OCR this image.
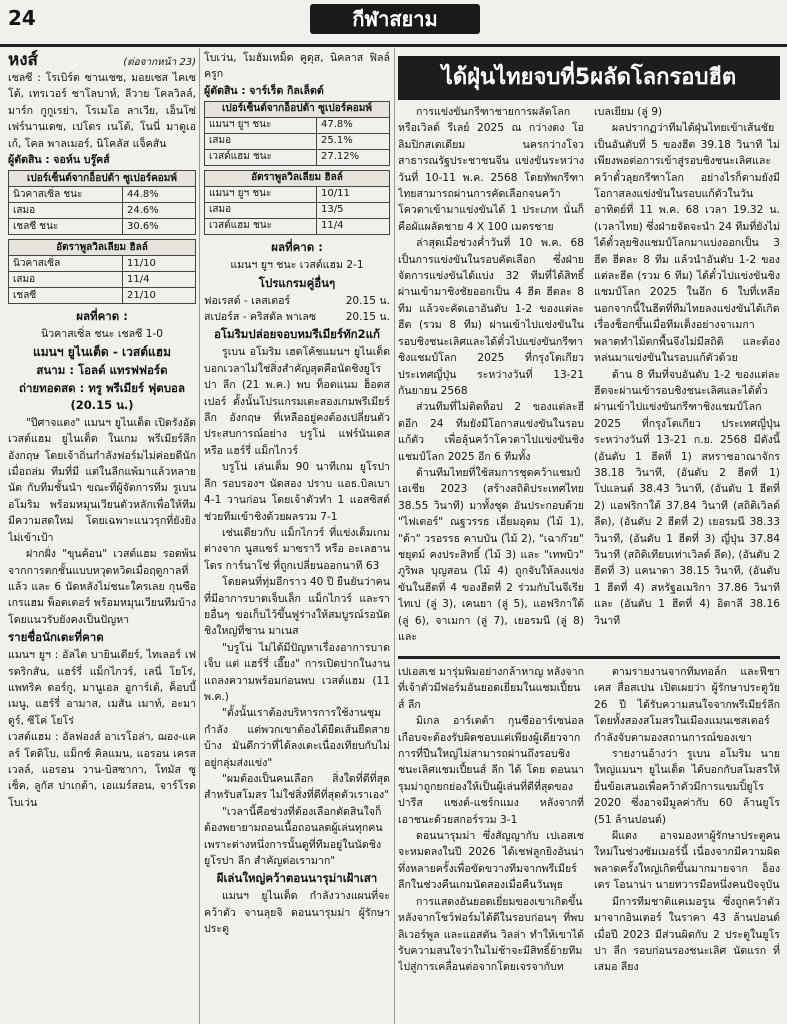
24	กีฬาสยาม
หงส์	(ต่อจากหน้า 23)

เชลซี : โรเบิร์ต ซานเชซ, มอยเซส ไคเซโด้, เทรเวอร์ ชาโลบาห์, ลีวาย โคลวิลล์, มาร์ก กูกูเรย่า, โรเมโอ ลาเวีย, เอ็นโซ่ เฟร์นานเดซ, เปโดร เนโต้, โนนี่ มาดูเอเก้, โคล พาลเมอร์, นิโคลัส แจ็คสัน

ผู้ตัดสิน : จอห์น บรู๊คส์

เปอร์เซ็นต์จากอ็อปต้า ซูเปอร์คอมพ์	
นิวคาสเซิ่ล ชนะ	44.8%
เสมอ	24.6%
เชลซี ชนะ	30.6%
อัตราพูลวิลเลียม ฮิลล์	
นิวคาสเซิ่ล	11/10
เสมอ	11/4
เชลซี	21/10
ผลที่คาด :

นิวคาสเซิ่ล ชนะ เชลซี 1-0

แมนฯ ยูไนเต็ด - เวสต์แฮม
สนาม : โอลด์ แทรฟฟอร์ด
ถ่ายทอดสด : ทรู พรีเมียร์ ฟุตบอล (20.15 น.)

"ปีศาจแดง" แมนฯ ยูไนเต็ด เปิดรังอัด เวสต์แฮม ยูไนเต็ด ในเกม พรีเมียร์ลีก อังกฤษ โดยเจ้าถิ่นกำลังฟอร์มไม่ค่อยดีนัก เมื่อถล่ม ทีมที่มี แต่ในลีกแพ้มาแล้วหลายนัด กับทีมชั้นนำ ขณะที่ผู้จัดการทีม รูเบน อโมริม พร้อมหมุนเวียนตัวหลักเพื่อให้ทีมมีความสดใหม่ โดยเฉพาะแนวรุกที่ยังยิงไม่เข้าเป้า

ฝากฝั่ง "ขุนค้อน" เวสต์แฮม รอดพ้นจากการตกชั้นแบบหวุดหวิดเมื่อฤดูกาลที่แล้ว และ 6 นัดหลังไม่ชนะใครเลย กุนซือ เกรแฮม พ็อตเตอร์ พร้อมหมุนเวียนทีมบ้าง โดยแนวรับยังคงเป็นปัญหา

รายชื่อนักเตะที่คาด

แมนฯ ยูฯ : อัลไต บายินเดียร์, ไทเลอร์ เฟรดริกสัน, แฮร์รี่ แม็กไกวร์, เลนี่ โยโร่, แพทริค ดอร์กู, มานูเอล อูการ์เต้, ค็อบบี้ เมนู, แฮร์รี่ อามาส, เมสัน เมาท์, อะมาดูร์, ซีโค่ โยโร่

เวสต์แฮม : อัลฟองส์ อาเรโอล่า, ฌอง-แคลร์ โตดิโบ, แม็กซ์ คิลแมน, แอรอน เครสเวลล์, แอรอน วาน-บิสซากา, โทมัส ซูเช็ค, ลูกัส ปาเกต้า, เอแมร์สอน, จาร์โรด โบเว่น

โบเว่น, โมฮัมเหม็ด คูดุส, นิคลาส ฟิลล์ครูก

ผู้ตัดสิน : จาร์เร็ด กิลเล็ตต์

เปอร์เซ็นต์จากอ็อปต้า ซูเปอร์คอมพ์	
แมนฯ ยูฯ ชนะ	47.8%
เสมอ	25.1%
เวสต์แฮม ชนะ	27.12%
อัตราพูลวิลเลียม ฮิลล์	
แมนฯ ยูฯ ชนะ	10/11
เสมอ	13/5
เวสต์แฮม ชนะ	11/4
ผลที่คาด :

แมนฯ ยูฯ ชนะ เวสต์แฮม 2-1

โปรแกรมคู่อื่นๆ
ฟอเรสต์ - เลสเตอร์	20.15 น.
สเปอร์ส - คริสตัล พาเลซ	20.15 น.
อโมริมปล่อยจอบหมรีเมียร์ทัก2แก้

รูเบน อโมริม เฮดโค้ชแมนฯ ยูไนเต็ด บอกเวลาไม่ใช่สิ่งสำคัญสุดคือนัดชิงยูโรปา ลีก (21 พ.ค.) พบ ท็อตแนม ฮ็อตสเปอร์ ตั้งนั้นโปรแกรมเตะสองเกมพรีเมียร์ลีก อังกฤษ ที่เหลืออยู่คงต้องเปลี่ยนตัวประสบการณ์อย่าง บรูโน่ แฟร์นันเดส หรือ แฮร์รี่ แม็กไกวร์

บรูโน่ เล่นเต็ม 90 นาทีเกม ยูโรปา ลีก รอบรองฯ นัดสอง ปราบ แอธ.บิลเบา 4-1 วานก่อน โดยเจ้าตัวทำ 1 แอสซิสต์ ช่วยทีมเข้าชิงด้วยผลรวม 7-1

เช่นเดียวกับ แม็กไกวร์ ที่แข่งเต็มเกม ต่างจาก นูสแซร์ มาซราวี หรือ อะเลฮานโดร การ์นาโช่ ที่ถูกเปลี่ยนออกนาที 63

โดยคนที่ทุ่มอีกราว 40 ปี ยืนยันว่าคนที่มีอาการบาดเจ็บเล็ก แม็กไกวร์ และรายอื่นๆ ขอเก็บไว้ขึ้นฟูร่างให้สมบูรณ์รอนัดชิงใหญ่ที่ชาน มาเนส

"บรูโน่ ไม่ได้มีปัญหาเรื่องอาการบาดเจ็บ แต่ แฮร์รี่ เอี๊ยง" การเปิดปากในงานแถลงความพร้อมก่อนพบ เวสต์แฮม (11 พ.ค.)

"ตั้งนั้นเราต้องบริหารการใช้งานชุมกำลัง แต่พวกเขาต้องได้ยืดเส้นยืดสายบ้าง มันดีกว่าที่ได้ลงเตะเนื่องเทียบกับไม่อยู่กลุ่มส่งแข่ง"

"ผมต้องเป็นคนเลือก สิ่งใดที่ดีที่สุดสำหรับสโมสร ไม่ใช่สิ่งที่ดีที่สุดตัวเราเอง"

"เวลานี้คือช่วงที่ต้องเลือกตัดสินใจก็ต้องพยายามถอนเนื้อถอนลดผู้เล่นทุกคนเพราะต่างหนึ่งการนั้นดูที่ทีมอยู่ในนัดชิงยูโรปา ลีก สำคัญต่อเรามาก"

ผีเล่นใหญ่คว้าตอนนารุม่าเฝ้าเสา

แมนฯ ยูไนเต็ด กำลังวางแผนที่จะคว้าตัว จานลุยจิ ดอนนารุมม่า ผู้รักษาประตู

ได้ฝุ่นไทยจบที่5ผลัดโลกรอบฮีต

การแข่งขันกรีฑาชายการผลัดโลกหรือเวิลด์ รีเลย์ 2025 ณ กว่างดง โอลิมปิกสเตเดียม นครกว่างโจว สาธารณรัฐประชาชนจีน แข่งขันระหว่างวันที่ 10-11 พ.ค. 2568 โดยทัพกรีฑาไทยสามารถผ่านการคัดเลือกจนคว้าโควตาเข้ามาแข่งขันได้ 1 ประเภท นั่นก็คือผัแผลัดชาย 4 X 100 เมตรชาย

ล่าสุดเมื่อช่วงค่ำวันที่ 10 พ.ค. 68 เป็นการแข่งขันในรอบคัดเลือก ซึ่งฝ่ายจัดการแข่งขันได้แบ่ง 32 ทีมที่ได้สิทธิ์ผ่านเข้ามาชิงชัยออกเป็น 4 ฮีต ฮีตละ 8 ทีม แล้วจะคัดเอาอันดับ 1-2 ของแต่ละฮีต (รวม 8 ทีม) ผ่านเข้าไปแข่งขันในรอบชิงชนะเลิศและได้ตั๋วไปแข่งขันกรีฑาชิงแชมป์โลก 2025 ที่กรุงโตเกียว ประเทศญี่ปุ่น ระหว่างวันที่ 13-21 กันยายน 2568

ส่วนทีมที่ไม่ติดท็อป 2 ของแต่ละฮีตอีก 24 ทีมยังมีโอกาสแข่งขันในรอบแก้ตัว เพื่อลุ้นคว้าโควตาไปแข่งขันชิงแชมป์โลก 2025 อีก 6 ทีมทั้ง

ด้านทีมไทยที่ใช้สมการชุดคว้าแชมป์เอเชีย 2023 (สร้างสถิติประเทศไทย 38.55 วินาที) มาทั้งชุด อันประกอบด้วย "ไฟเตอร์" ณฐวรรธ เอี่ยมอุดม (ไม้ 1), "ต้า" วรอรรธ คาบบัน (ไม้ 2), "เฉาก๊วย" ชยุตม์ คงประสิทธิ์ (ไม้ 3) และ "เทพบิว" ภูริพล บุญสอน (ไม้ 4) ถูกจับให้ลงแข่งขันในฮีตที่ 4 ของฮีตที่ 2 ร่วมกับไนจีเรีย ไทเป (ลู่ 3), เคนยา (ลู่ 5), แอฟริกาใต้ (ลู่ 6), จาเมกา (ลู่ 7), เยอรมนี (ลู่ 8) และ

เบลเยียม (ลู่ 9)

ผลปรากฏว่าทีมได้ฝุ่นไทยเข้าเส้นชัยเป็นอันดับที่ 5 ของฮีต 39.18 วินาที ไม่เพียงพอต่อการเข้าสู่รอบชิงชนะเลิศและคว้าตั๋วลุยกรีฑาโลก อย่างไรก็ตามยังมีโอกาสลงแข่งขันในรอบแก้ตัวในวันอาทิตย์ที่ 11 พ.ค. 68 เวลา 19.32 น. (เวลาไทย) ซึ่งฝ่ายจัดจะนำ 24 ทีมที่ยังไม่ได้ตั๋วลุยชิงแชมป์โลกมาแบ่งออกเป็น 3 ฮีต ฮีตละ 8 ทีม แล้วนำอันดับ 1-2 ของแต่ละฮีต (รวม 6 ทีม) ได้ตั๋วไปแข่งขันชิงแชมป์โลก 2025 ในอีก 6 ใบที่เหลือ นอกจากนี้ในฮีตที่ทีมไทยลงแข่งขันได้เกิดเรื่องช็อกขึ้นเมื่อทีมเต็งอย่างจาเมกาพลาดทำไม้ตกพื้นจึงไม่มีสถิติ และต้องหล่นมาแข่งขันในรอบแก้ตัวด้วย

ด้าน 8 ทีมที่จบอันดับ 1-2 ของแต่ละฮีตจะผ่านเข้ารอบชิงชนะเลิศและได้ตั๋วผ่านเข้าไปแข่งขันกรีฑาชิงแชมป์โลก 2025 ที่กรุงโตเกียว ประเทศญี่ปุ่น ระหว่างวันที่ 13-21 ก.ย. 2568 มีดังนี้ (อันดับ 1 ฮีตที่ 1) สหราชอาณาจักร 38.18 วินาที, (อันดับ 2 ฮีตที่ 1) โปแลนด์ 38.43 วินาที, (อันดับ 1 ฮีตที่ 2) แอฟริกาใต้ 37.84 วินาที (สถิติเวิลด์ ลีด), (อันดับ 2 ฮีตที่ 2) เยอรมนี 38.33 วินาที, (อันดับ 1 ฮีตที่ 3) ญี่ปุ่น 37.84 วินาที (สถิติเทียบเท่าเวิลด์ ลีด), (อันดับ 2 ฮีตที่ 3) แคนาดา 38.15 วินาที, (อันดับ 1 ฮีตที่ 4) สหรัฐอเมริกา 37.86 วินาที และ (อันดับ 1 ฮีตที่ 4) อิตาลี 38.16 วินาที

เปเอสเช มารุ่มพิมอย่างกล้าหาญ หลังจากที่เจ้าตัวมีฟอร์มอันยอดเยี่ยมในแชมเปี้ยนส์ ลีก

มิเกล อาร์เตต้า กุนซืออาร์เซน่อลเกือบจะต้องรับผิดชอบแต่เพียงผู้เดียวจากการที่ปืนใหญ่ไม่สามารถผ่านถึงรอบชิงชนะเลิศแชมเปี้ยนส์ ลีก ได้ โดย ดอนนารุมม่าถูกยกย่องให้เป็นผู้เล่นที่ดีที่สุดของปารีส แซงต์-แชร์กแมง หลังจากที่เอาชนะด้วยสกอร์รวม 3-1

ดอนนารุมม่า ซึ่งสัญญากับ เปเอสเช จะหมดลงในปี 2026 ได้เชฟลูกยิงอันน่าทึ่งหลายครั้งเพื่อขัดขวางทีมจากพรีเมียร์ลีกในช่วงคืนเกมนัดสองเมื่อคืนวันพุธ

การแสดงอันยอดเยี่ยมของเขาเกิดขึ้นหลังจากโชว์ฟอร์มได้ดีในรอบก่อนๆ ที่พบลิเวอร์พูล และแอสตัน วิลล่า ทำให้เขาได้รับความสนใจว่าในไม่ช้าจะมีสิทธิ์ย้ายทีมไปสู่การเคลื่อนต่อจากโดยเจรจากับท

ตามรายงานจากทีมทอล์ก และฟีชาเคส สื่อสเปน เปิดเผยว่า ผู้รักษาประตูวัย 26 ปี ได้รับความสนใจจากพรีเมียร์ลีก โดยทั้งสองสโมสรในเมืองแมนเชสเตอร์กำลังจับตามองสถานการณ์ของเขา

รายงานอ้างว่า รูเบน อโมริม นายใหญ่แมนฯ ยูไนเต็ด ได้บอกกับสโมสรให้ยื่นข้อเสนอเพื่อคว้าตัวมีการแขมปิ้ยูโร 2020 ซึ่งอาจมีมูลค่ากับ 60 ล้านยูโร (51 ล้านปอนด์)

ผีแดง อาจมองหาผู้รักษาประตูคนใหม่ในช่วงซัมเมอร์นี้ เนื่องจากมีความผิดพลาดครั้งใหญ่เกิดขึ้นมากมายจาก อ็องเดร โอนาน่า นายทวารมือหนึ่งคนปัจจุบัน

มีการทีมชาติแคเมอรูน ซึ่งถูกคว้าตัวมาจากอินเตอร์ ในราคา 43 ล้านปอนด์ เมื่อปี 2023 มีส่วนผิดกับ 2 ประตูในยูโรปา ลีก รอบก่อนรองชนะเลิศ นัดแรก ที่ เสมอ ลียง
